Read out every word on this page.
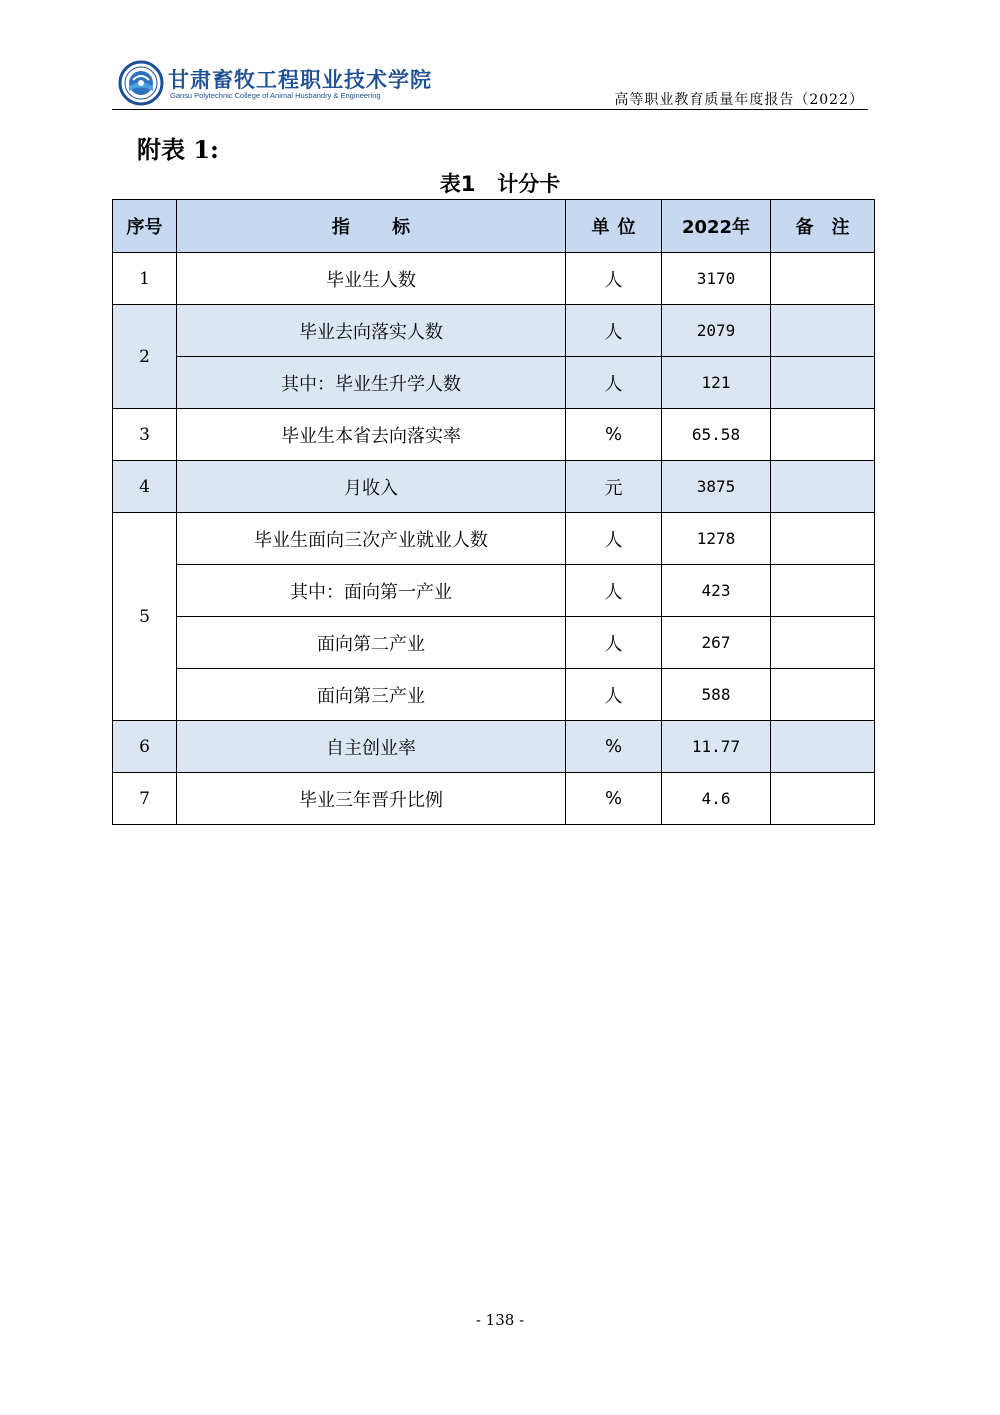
甘肃畜牧工程职业技术学院
Gansu Polytechnic College of Animal Husbandry & Engineering	高等职业教育质量年度报告（2022）
附表 1:
表1   计分卡
序号	指 标	单位	2022年	备注
1	毕业生人数	人	3170	
2	毕业去向落实人数	人	2079	
	其中：毕业生升学人数	人	121	
3	毕业生本省去向落实率	%	65.58	
4	月收入	元	3875	
5	毕业生面向三次产业就业人数	人	1278	
	其中：面向第一产业	人	423	
	面向第二产业	人	267	
	面向第三产业	人	588	
6	自主创业率	%	11.77	
7	毕业三年晋升比例	%	4.6	
- 138 -
